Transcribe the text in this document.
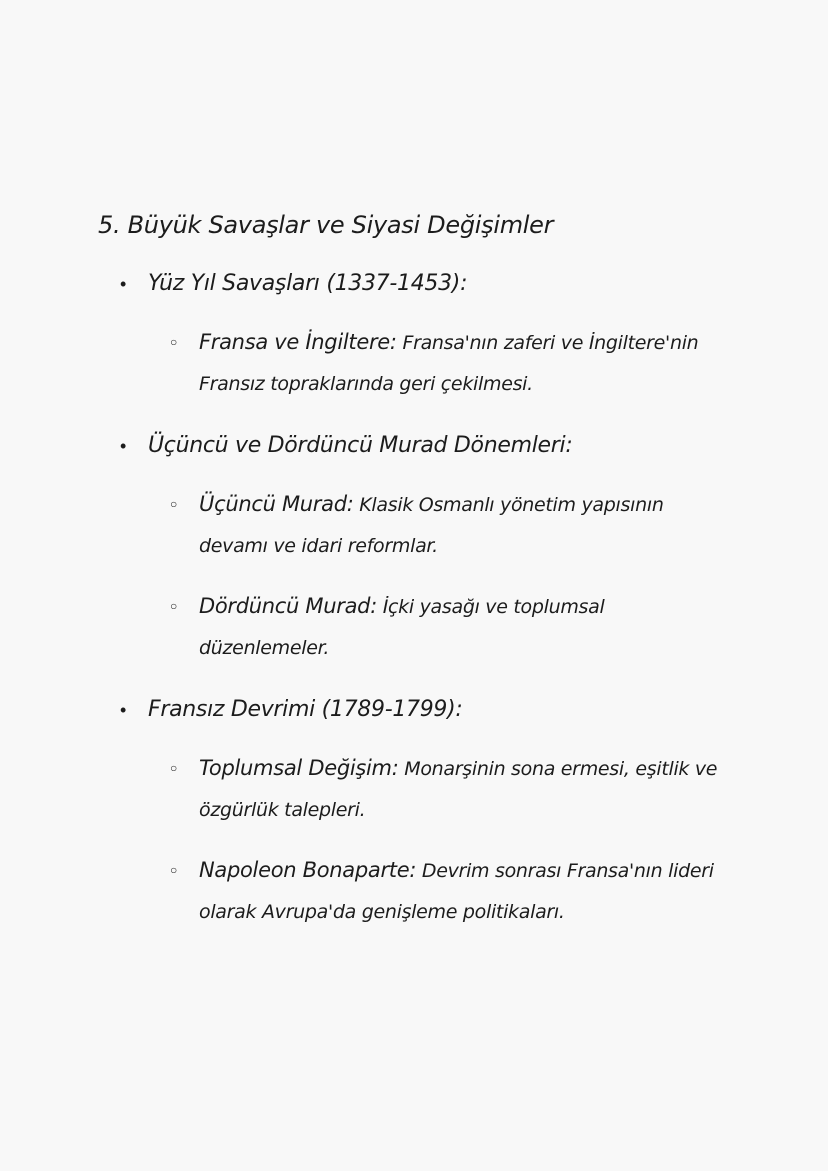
5. Büyük Savaşlar ve Siyasi Değişimler
• Yüz Yıl Savaşları (1337-1453):
○ Fransa ve İngiltere: Fransa'nın zaferi ve İngiltere'nin Fransız topraklarında geri çekilmesi.
• Üçüncü ve Dördüncü Murad Dönemleri:
○ Üçüncü Murad: Klasik Osmanlı yönetim yapısının devamı ve idari reformlar.
○ Dördüncü Murad: İçki yasağı ve toplumsal düzenlemeler.
• Fransız Devrimi (1789-1799):
○ Toplumsal Değişim: Monarşinin sona ermesi, eşitlik ve özgürlük talepleri.
○ Napoleon Bonaparte: Devrim sonrası Fransa'nın lideri olarak Avrupa'da genişleme politikaları.
